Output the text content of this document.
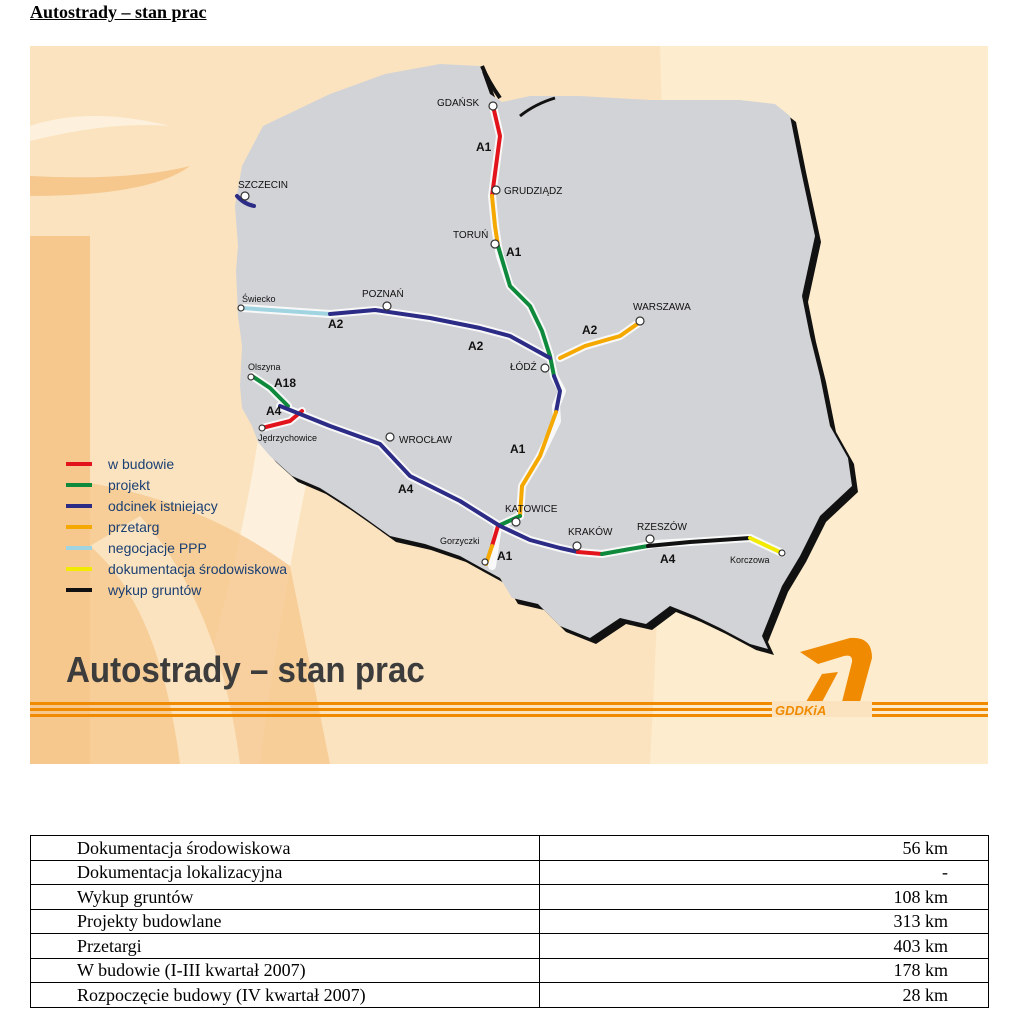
Autostrady – stan prac
GDAŃSK
GRUDZIĄDZ
TORUŃ
SZCZECIN
Świecko	POZNAŃ
WARSZAWA
ŁÓDŹ
Olszyna
Jędrzychowice	WROCŁAW
KATOWICE
KRAKÓW RZESZÓW
Korczowa
Gorzyczki
A1
A1
A1
A1
A2
A2
A2
A18
A4
A4
A4
w budowie
projekt
odcinek istniejący
przetarg
negocjacje PPP
dokumentacja środowiskowa
wykup gruntów
Autostrady – stan prac
GDDKiA
Dokumentacja środowiskowa	56 km
Dokumentacja lokalizacyjna	-
Wykup gruntów	108 km
Projekty budowlane	313 km
Przetargi	403 km
W budowie (I-III kwartał 2007)	178 km
Rozpoczęcie budowy (IV kwartał 2007)	28 km
